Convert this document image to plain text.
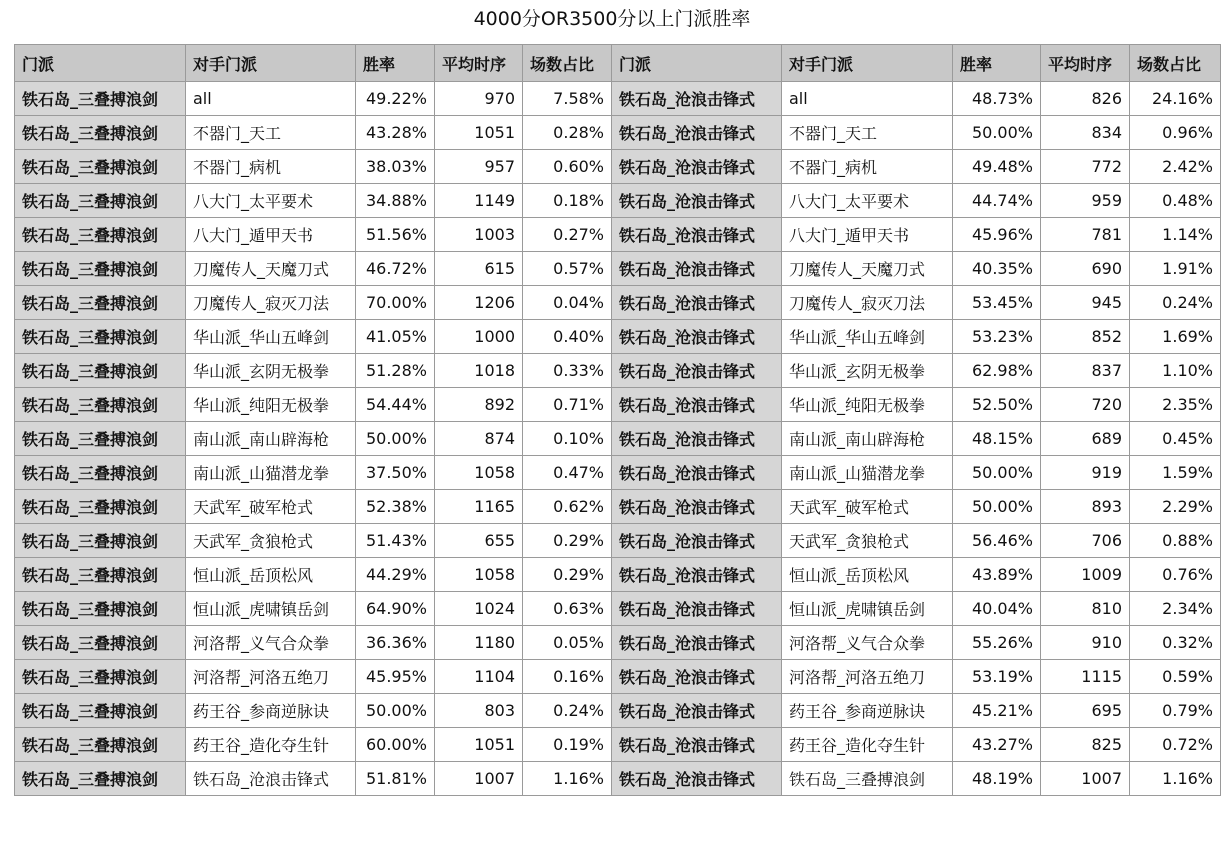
4000分OR3500分以上门派胜率
门派	对手门派	胜率	平均时序	场数占比	门派	对手门派	胜率	平均时序	场数占比
铁石岛_三叠搏浪剑	all	49.22%	970	7.58%	铁石岛_沧浪击锋式	all	48.73%	826	24.16%
铁石岛_三叠搏浪剑	不器门_天工	43.28%	1051	0.28%	铁石岛_沧浪击锋式	不器门_天工	50.00%	834	0.96%
铁石岛_三叠搏浪剑	不器门_病机	38.03%	957	0.60%	铁石岛_沧浪击锋式	不器门_病机	49.48%	772	2.42%
铁石岛_三叠搏浪剑	八大门_太平要术	34.88%	1149	0.18%	铁石岛_沧浪击锋式	八大门_太平要术	44.74%	959	0.48%
铁石岛_三叠搏浪剑	八大门_遁甲天书	51.56%	1003	0.27%	铁石岛_沧浪击锋式	八大门_遁甲天书	45.96%	781	1.14%
铁石岛_三叠搏浪剑	刀魔传人_天魔刀式	46.72%	615	0.57%	铁石岛_沧浪击锋式	刀魔传人_天魔刀式	40.35%	690	1.91%
铁石岛_三叠搏浪剑	刀魔传人_寂灭刀法	70.00%	1206	0.04%	铁石岛_沧浪击锋式	刀魔传人_寂灭刀法	53.45%	945	0.24%
铁石岛_三叠搏浪剑	华山派_华山五峰剑	41.05%	1000	0.40%	铁石岛_沧浪击锋式	华山派_华山五峰剑	53.23%	852	1.69%
铁石岛_三叠搏浪剑	华山派_玄阴无极拳	51.28%	1018	0.33%	铁石岛_沧浪击锋式	华山派_玄阴无极拳	62.98%	837	1.10%
铁石岛_三叠搏浪剑	华山派_纯阳无极拳	54.44%	892	0.71%	铁石岛_沧浪击锋式	华山派_纯阳无极拳	52.50%	720	2.35%
铁石岛_三叠搏浪剑	南山派_南山辟海枪	50.00%	874	0.10%	铁石岛_沧浪击锋式	南山派_南山辟海枪	48.15%	689	0.45%
铁石岛_三叠搏浪剑	南山派_山猫潜龙拳	37.50%	1058	0.47%	铁石岛_沧浪击锋式	南山派_山猫潜龙拳	50.00%	919	1.59%
铁石岛_三叠搏浪剑	天武军_破军枪式	52.38%	1165	0.62%	铁石岛_沧浪击锋式	天武军_破军枪式	50.00%	893	2.29%
铁石岛_三叠搏浪剑	天武军_贪狼枪式	51.43%	655	0.29%	铁石岛_沧浪击锋式	天武军_贪狼枪式	56.46%	706	0.88%
铁石岛_三叠搏浪剑	恒山派_岳顶松风	44.29%	1058	0.29%	铁石岛_沧浪击锋式	恒山派_岳顶松风	43.89%	1009	0.76%
铁石岛_三叠搏浪剑	恒山派_虎啸镇岳剑	64.90%	1024	0.63%	铁石岛_沧浪击锋式	恒山派_虎啸镇岳剑	40.04%	810	2.34%
铁石岛_三叠搏浪剑	河洛帮_义气合众拳	36.36%	1180	0.05%	铁石岛_沧浪击锋式	河洛帮_义气合众拳	55.26%	910	0.32%
铁石岛_三叠搏浪剑	河洛帮_河洛五绝刀	45.95%	1104	0.16%	铁石岛_沧浪击锋式	河洛帮_河洛五绝刀	53.19%	1115	0.59%
铁石岛_三叠搏浪剑	药王谷_参商逆脉诀	50.00%	803	0.24%	铁石岛_沧浪击锋式	药王谷_参商逆脉诀	45.21%	695	0.79%
铁石岛_三叠搏浪剑	药王谷_造化夺生针	60.00%	1051	0.19%	铁石岛_沧浪击锋式	药王谷_造化夺生针	43.27%	825	0.72%
铁石岛_三叠搏浪剑	铁石岛_沧浪击锋式	51.81%	1007	1.16%	铁石岛_沧浪击锋式	铁石岛_三叠搏浪剑	48.19%	1007	1.16%
